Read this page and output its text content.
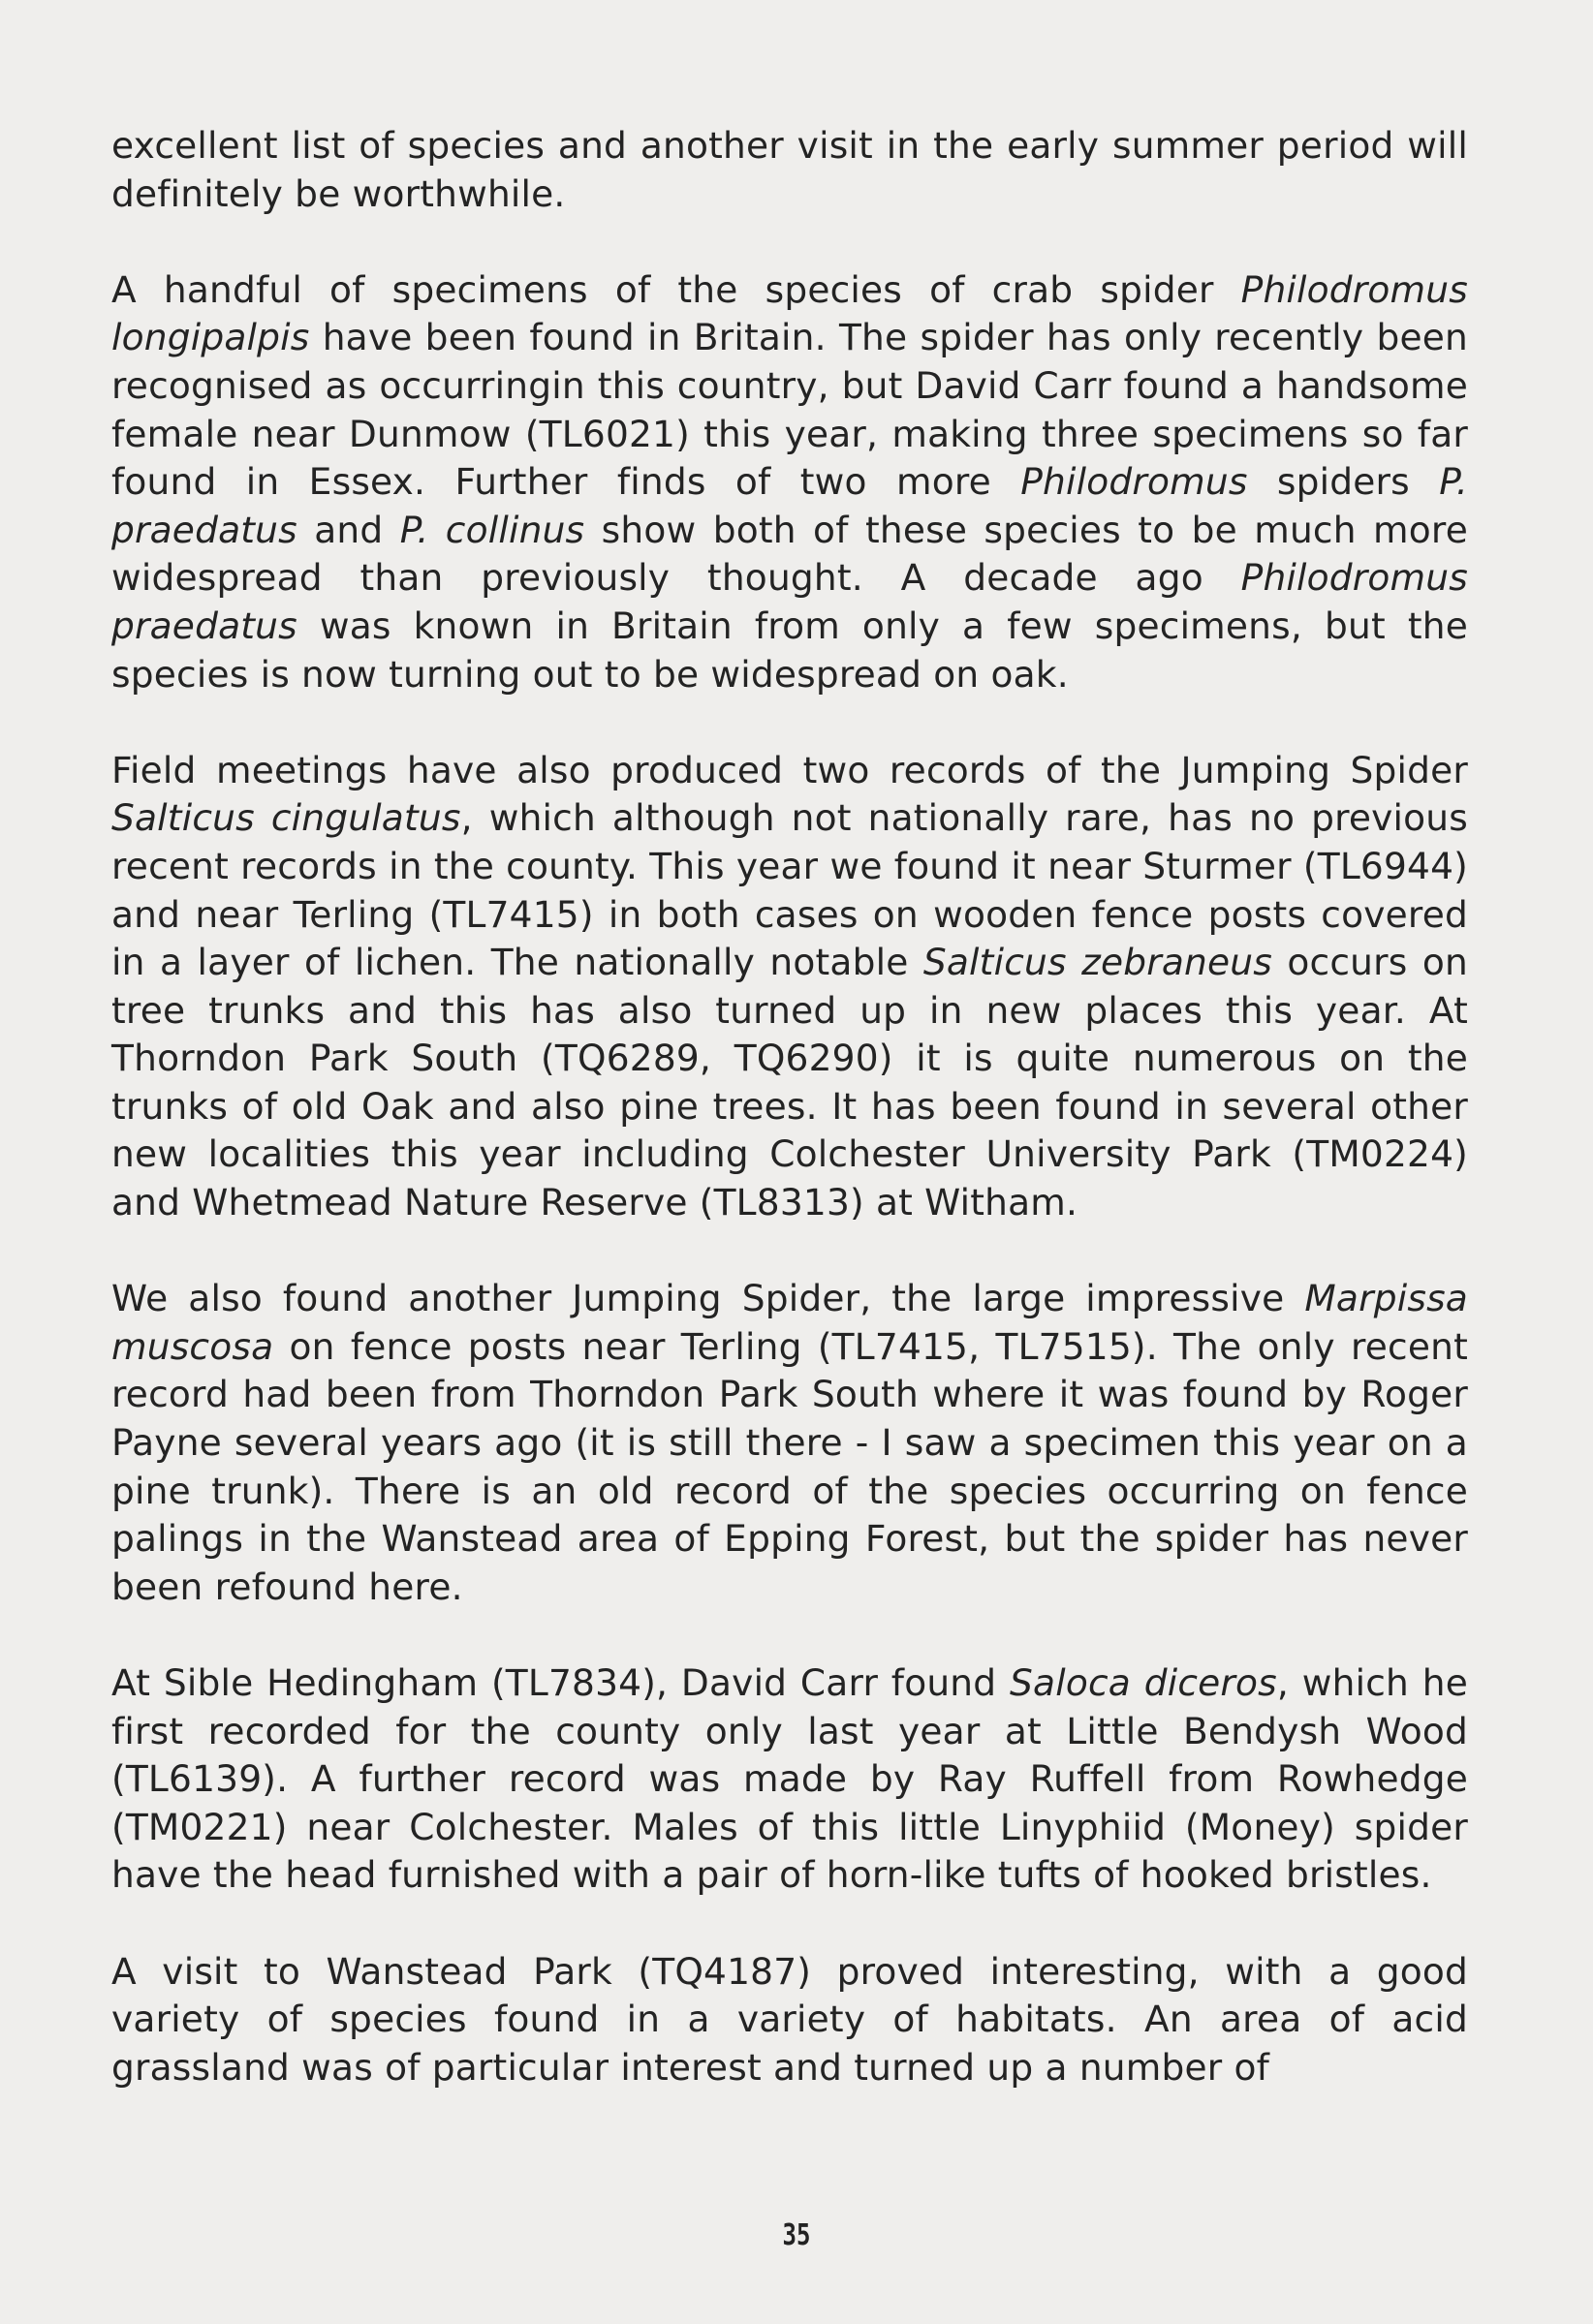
excellent list of species and another visit in the early summer period will definitely be worthwhile.

A handful of specimens of the species of crab spider Philodromus longipalpis have been found in Britain. The spider has only recently been recognised as occurringin this country, but David Carr found a handsome female near Dunmow (TL6021) this year, making three specimens so far found in Essex. Further finds of two more Philodromus spiders P. praedatus and P. collinus show both of these species to be much more widespread than previously thought. A decade ago Philodromus praedatus was known in Britain from only a few specimens, but the species is now turning out to be widespread on oak.

Field meetings have also produced two records of the Jumping Spider Salticus cingulatus, which although not nationally rare, has no previous recent records in the county. This year we found it near Sturmer (TL6944) and near Terling (TL7415) in both cases on wooden fence posts covered in a layer of lichen. The nationally notable Salticus zebraneus occurs on tree trunks and this has also turned up in new places this year. At Thorndon Park South (TQ6289, TQ6290) it is quite numerous on the trunks of old Oak and also pine trees. It has been found in several other new localities this year including Colchester University Park (TM0224) and Whetmead Nature Reserve (TL8313) at Witham.

We also found another Jumping Spider, the large impressive Marpissa muscosa on fence posts near Terling (TL7415, TL7515). The only recent record had been from Thorndon Park South where it was found by Roger Payne several years ago (it is still there - I saw a specimen this year on a pine trunk). There is an old record of the species occurring on fence palings in the Wanstead area of Epping Forest, but the spider has never been refound here.

At Sible Hedingham (TL7834), David Carr found Saloca diceros, which he first recorded for the county only last year at Little Bendysh Wood (TL6139). A further record was made by Ray Ruffell from Rowhedge (TM0221) near Colchester. Males of this little Linyphiid (Money) spider have the head furnished with a pair of horn-like tufts of hooked bristles.

A visit to Wanstead Park (TQ4187) proved interesting, with a good variety of species found in a variety of habitats. An area of acid grassland was of particular interest and turned up a number of

35
